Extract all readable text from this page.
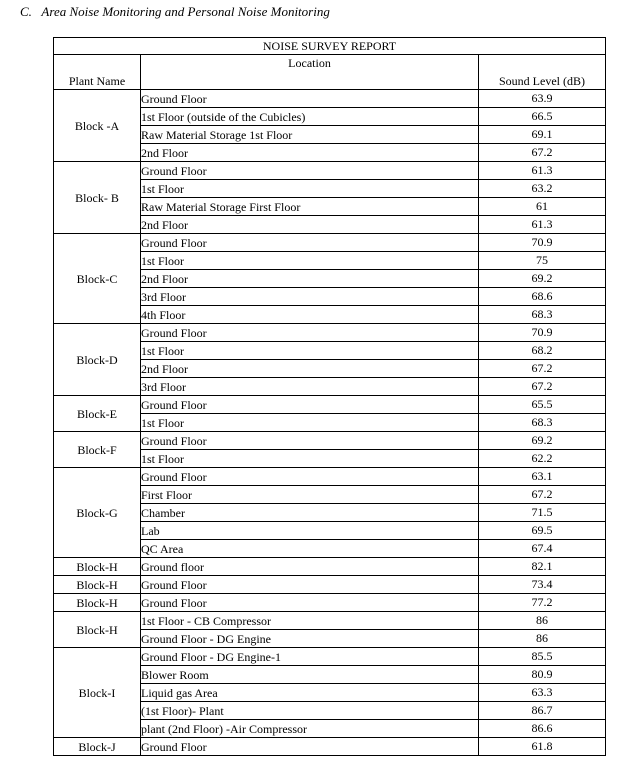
C.   Area Noise Monitoring and Personal Noise Monitoring
NOISE SURVEY REPORT		
Plant Name	Location	Sound Level (dB)
Block -A	Ground Floor	63.9
	1st Floor (outside of the Cubicles)	66.5
	Raw Material Storage 1st Floor	69.1
	2nd Floor	67.2
Block- B	Ground Floor	61.3
	1st Floor	63.2
	Raw Material Storage First Floor	61
	2nd Floor	61.3
Block-C	Ground Floor	70.9
	1st Floor	75
	2nd Floor	69.2
	3rd Floor	68.6
	4th Floor	68.3
Block-D	Ground Floor	70.9
	1st Floor	68.2
	2nd Floor	67.2
	3rd Floor	67.2
Block-E	Ground Floor	65.5
	1st Floor	68.3
Block-F	Ground Floor	69.2
	1st Floor	62.2
Block-G	Ground Floor	63.1
	First Floor	67.2
	Chamber	71.5
	Lab	69.5
	QC Area	67.4
Block-H	Ground floor	82.1
Block-H	Ground Floor	73.4
Block-H	Ground Floor	77.2
Block-H	1st Floor - CB Compressor	86
	Ground Floor - DG Engine	86
Block-I	Ground Floor - DG Engine-1	85.5
	Blower Room	80.9
	Liquid gas Area	63.3
	(1st Floor)- Plant	86.7
	plant (2nd Floor) -Air Compressor	86.6
Block-J	Ground Floor	61.8
